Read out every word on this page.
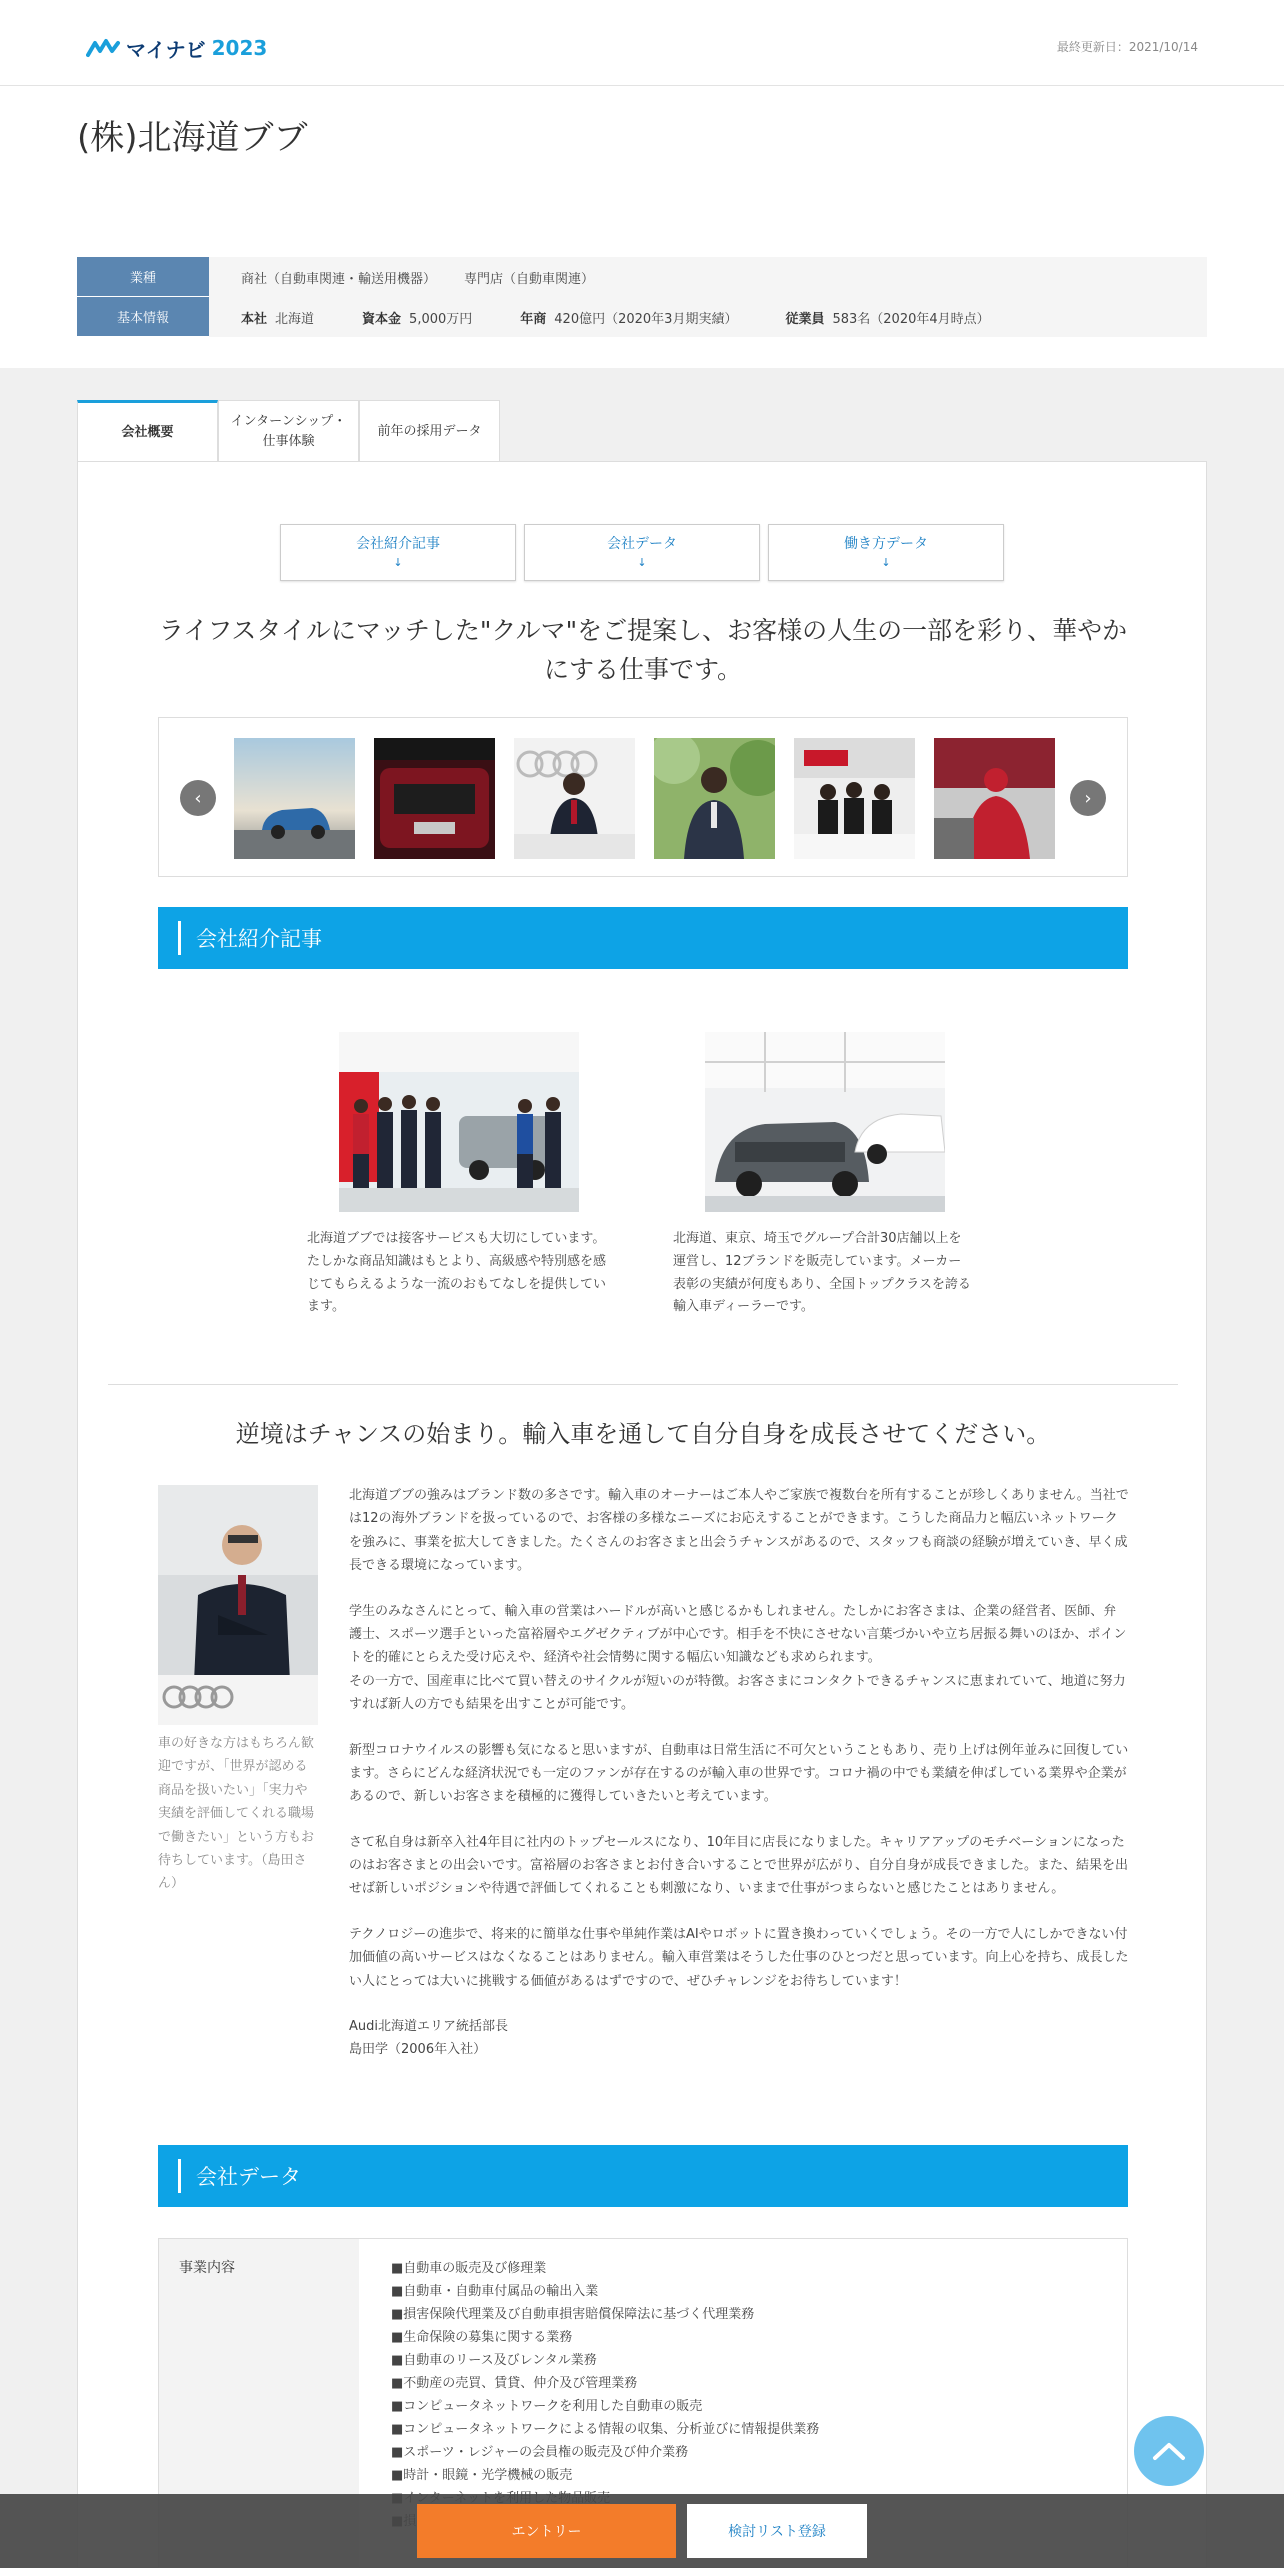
マイナビ 2023	最終更新日：2021/10/14
(株)北海道ブブ
業種	商社（自動車関連・輸送用機器） 専門店（自動車関連）
基本情報	本社 北海道	資本金 5,000万円	年商 420億円（2020年3月期実績）	従業員 583名（2020年4月時点）
会社概要
インターンシップ・
仕事体験
前年の採用データ
会社紹介記事
↓
会社データ
↓
働き方データ
↓
ライフスタイルにマッチした"クルマ"をご提案し、お客様の人生の一部を彩り、華やかにする仕事です。
‹	›
会社紹介記事
北海道ブブでは接客サービスも大切にしています。たしかな商品知識はもとより、高級感や特別感を感じてもらえるような一流のおもてなしを提供しています。
北海道、東京、埼玉でグループ合計30店舗以上を運営し、12ブランドを販売しています。メーカー表彰の実績が何度もあり、全国トップクラスを誇る輸入車ディーラーです。
逆境はチャンスの始まり。輸入車を通して自分自身を成長させてください。
車の好きな方はもちろん歓迎ですが、「世界が認める商品を扱いたい」「実力や実績を評価してくれる職場で働きたい」という方もお待ちしています。（島田さん）

北海道ブブの強みはブランド数の多さです。輸入車のオーナーはご本人やご家族で複数台を所有することが珍しくありません。当社では12の海外ブランドを扱っているので、お客様の多様なニーズにお応えすることができます。こうした商品力と幅広いネットワークを強みに、事業を拡大してきました。たくさんのお客さまと出会うチャンスがあるので、スタッフも商談の経験が増えていき、早く成長できる環境になっています。

学生のみなさんにとって、輸入車の営業はハードルが高いと感じるかもしれません。たしかにお客さまは、企業の経営者、医師、弁護士、スポーツ選手といった富裕層やエグゼクティブが中心です。相手を不快にさせない言葉づかいや立ち居振る舞いのほか、ポイントを的確にとらえた受け応えや、経済や社会情勢に関する幅広い知識なども求められます。
その一方で、国産車に比べて買い替えのサイクルが短いのが特徴。お客さまにコンタクトできるチャンスに恵まれていて、地道に努力すれば新人の方でも結果を出すことが可能です。

新型コロナウイルスの影響も気になると思いますが、自動車は日常生活に不可欠ということもあり、売り上げは例年並みに回復しています。さらにどんな経済状況でも一定のファンが存在するのが輸入車の世界です。コロナ禍の中でも業績を伸ばしている業界や企業があるので、新しいお客さまを積極的に獲得していきたいと考えています。

さて私自身は新卒入社4年目に社内のトップセールスになり、10年目に店長になりました。キャリアアップのモチベーションになったのはお客さまとの出会いです。富裕層のお客さまとお付き合いすることで世界が広がり、自分自身が成長できました。また、結果を出せば新しいポジションや待遇で評価してくれることも刺激になり、いままで仕事がつまらないと感じたことはありません。

テクノロジーの進歩で、将来的に簡単な仕事や単純作業はAIやロボットに置き換わっていくでしょう。その一方で人にしかできない付加価値の高いサービスはなくなることはありません。輸入車営業はそうした仕事のひとつだと思っています。向上心を持ち、成長したい人にとっては大いに挑戦する価値があるはずですので、ぜひチャレンジをお待ちしています！

Audi北海道エリア統括部長
島田学（2006年入社）

会社データ
事業内容	■自動車の販売及び修理業
■自動車・自動車付属品の輸出入業
■損害保険代理業及び自動車損害賠償保障法に基づく代理業務
■生命保険の募集に関する業務
■自動車のリース及びレンタル業務
■不動産の売買、賃貸、仲介及び管理業務
■コンピュータネットワークを利用した自動車の販売
■コンピュータネットワークによる情報の収集、分析並びに情報提供業務
■スポーツ・レジャーの会員権の販売及び仲介業務
■時計・眼鏡・光学機械の販売
エントリー	検討リスト登録
